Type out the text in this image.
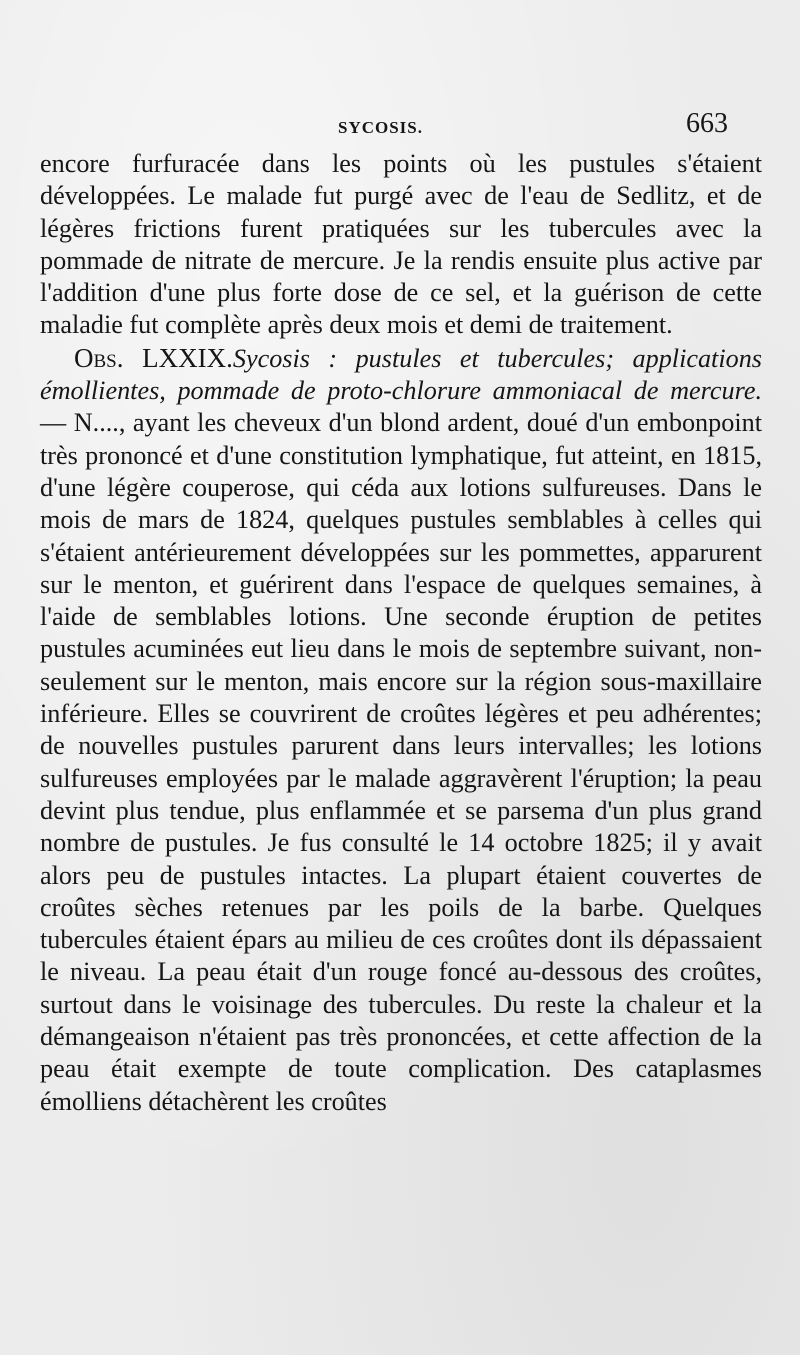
SYCOSIS.	663

encore furfuracée dans les points où les pustules s'étaient développées. Le malade fut purgé avec de l'eau de Sedlitz, et de légères frictions furent pratiquées sur les tubercules avec la pommade de nitrate de mercure. Je la rendis ensuite plus active par l'addition d'une plus forte dose de ce sel, et la guérison de cette maladie fut complète après deux mois et demi de traitement.

Obs. LXXIX.Sycosis : pustules et tubercules; applications émollientes, pommade de proto-chlorure ammoniacal de mercure. — N...., ayant les cheveux d'un blond ardent, doué d'un embonpoint très prononcé et d'une constitution lymphatique, fut atteint, en 1815, d'une légère couperose, qui céda aux lotions sulfureuses. Dans le mois de mars de 1824, quelques pustules semblables à celles qui s'étaient antérieurement développées sur les pommettes, apparurent sur le menton, et guérirent dans l'espace de quelques semaines, à l'aide de semblables lotions. Une seconde éruption de petites pustules acuminées eut lieu dans le mois de septembre suivant, non-seulement sur le menton, mais encore sur la région sous-maxillaire inférieure. Elles se couvrirent de croûtes légères et peu adhérentes; de nouvelles pustules parurent dans leurs intervalles; les lotions sulfureuses employées par le malade aggravèrent l'éruption; la peau devint plus tendue, plus enflammée et se parsema d'un plus grand nombre de pustules. Je fus consulté le 14 octobre 1825; il y avait alors peu de pustules intactes. La plupart étaient couvertes de croûtes sèches retenues par les poils de la barbe. Quelques tubercules étaient épars au milieu de ces croûtes dont ils dépassaient le niveau. La peau était d'un rouge foncé au-dessous des croûtes, surtout dans le voisinage des tubercules. Du reste la chaleur et la démangeaison n'étaient pas très prononcées, et cette affection de la peau était exempte de toute complication. Des cataplasmes émolliens détachèrent les croûtes
